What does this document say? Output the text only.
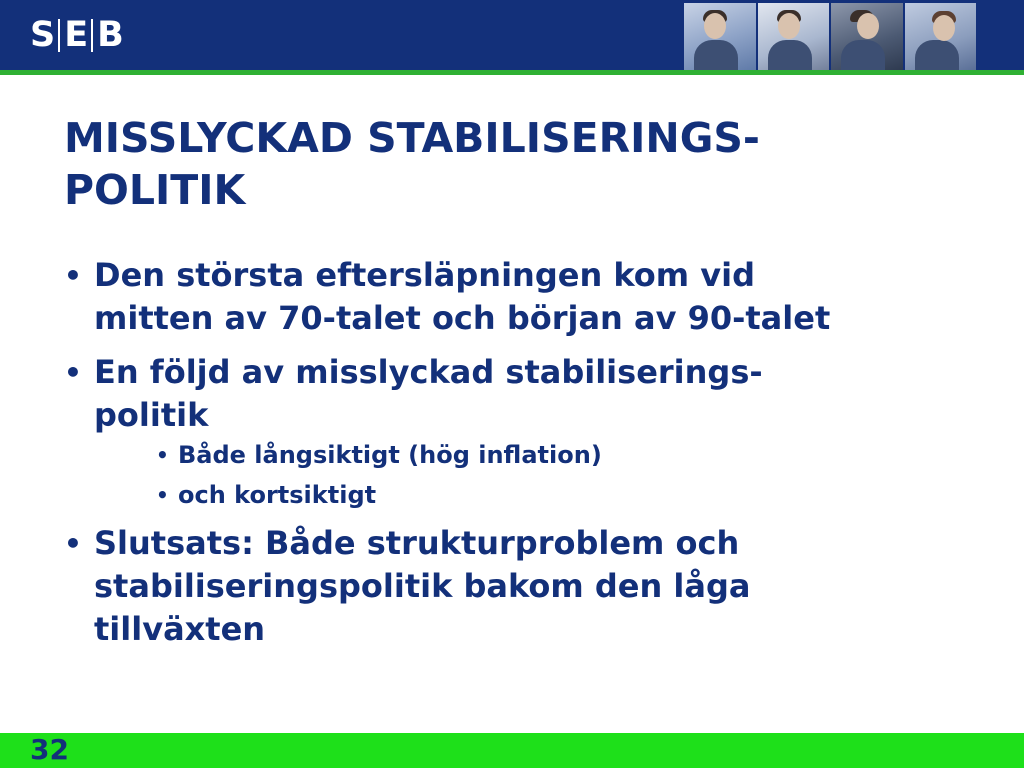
S E B
MISSLYCKAD STABILISERINGS-
POLITIK
• Den största eftersläpningen kom vid
mitten av 70-talet och början av 90-talet
• En följd av misslyckad stabiliserings-
politik
• Både långsiktigt (hög inflation)
• och kortsiktigt
• Slutsats: Både strukturproblem och
stabiliseringspolitik bakom den låga
tillväxten
32
